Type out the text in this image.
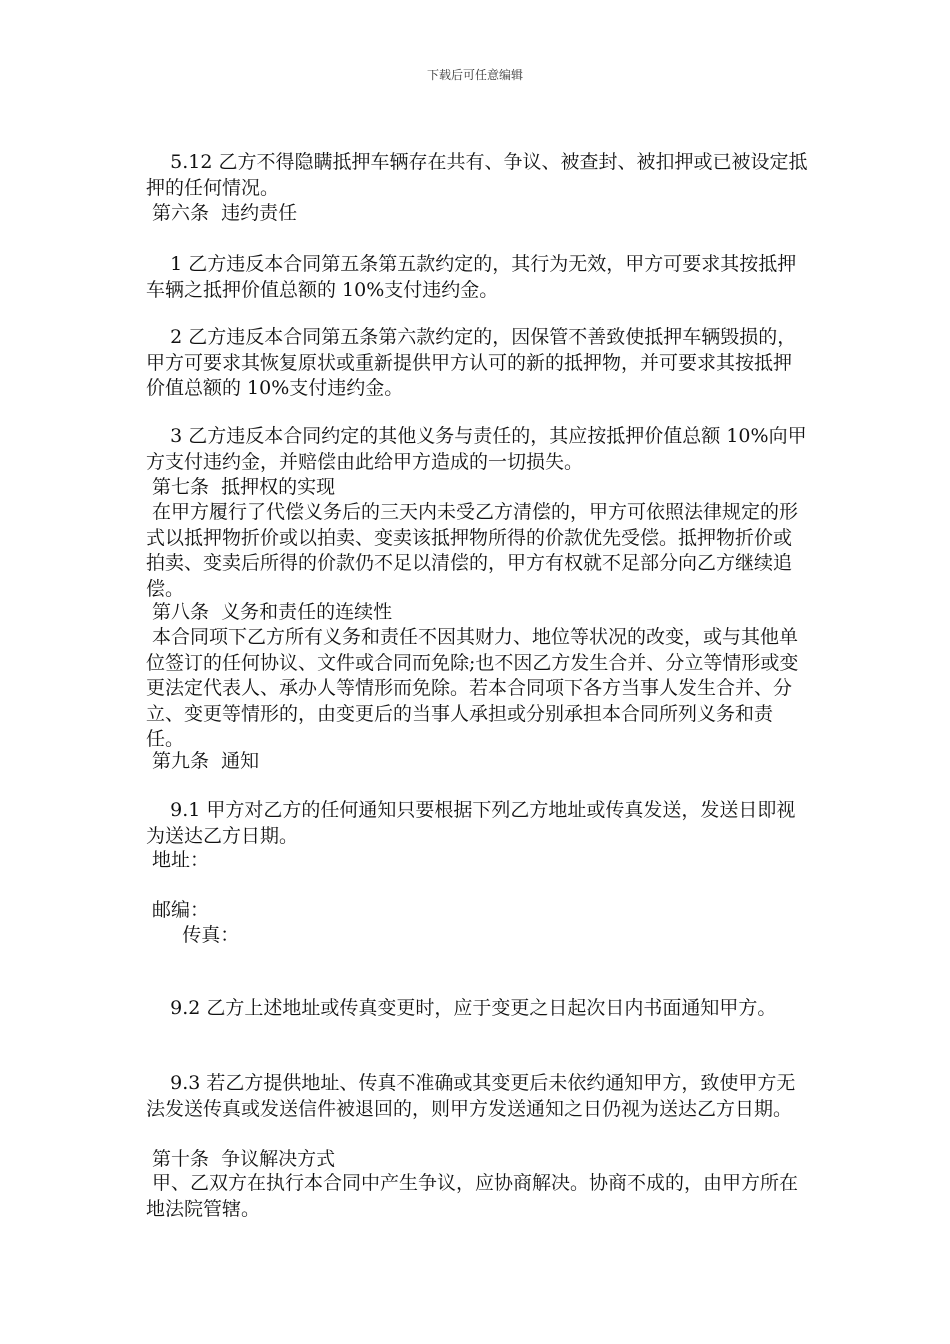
下载后可任意编辑

5.12 乙方不得隐瞒抵押车辆存在共有、争议、被查封、被扣押或已被设定抵押的任何情况。

第六条  违约责任

1 乙方违反本合同第五条第五款约定的，其行为无效，甲方可要求其按抵押车辆之抵押价值总额的 10%支付违约金。

2 乙方违反本合同第五条第六款约定的，因保管不善致使抵押车辆毁损的，甲方可要求其恢复原状或重新提供甲方认可的新的抵押物，并可要求其按抵押价值总额的 10%支付违约金。

3 乙方违反本合同约定的其他义务与责任的，其应按抵押价值总额 10%向甲方支付违约金，并赔偿由此给甲方造成的一切损失。

第七条  抵押权的实现

在甲方履行了代偿义务后的三天内未受乙方清偿的，甲方可依照法律规定的形式以抵押物折价或以拍卖、变卖该抵押物所得的价款优先受偿。抵押物折价或拍卖、变卖后所得的价款仍不足以清偿的，甲方有权就不足部分向乙方继续追偿。

第八条  义务和责任的连续性

本合同项下乙方所有义务和责任不因其财力、地位等状况的改变，或与其他单位签订的任何协议、文件或合同而免除;也不因乙方发生合并、分立等情形或变更法定代表人、承办人等情形而免除。若本合同项下各方当事人发生合并、分立、变更等情形的，由变更后的当事人承担或分别承担本合同所列义务和责任。

第九条  通知

9.1 甲方对乙方的任何通知只要根据下列乙方地址或传真发送，发送日即视为送达乙方日期。

地址：

邮编：

传真：

9.2 乙方上述地址或传真变更时，应于变更之日起次日内书面通知甲方。

9.3 若乙方提供地址、传真不准确或其变更后未依约通知甲方，致使甲方无法发送传真或发送信件被退回的，则甲方发送通知之日仍视为送达乙方日期。

第十条  争议解决方式

甲、乙双方在执行本合同中产生争议，应协商解决。协商不成的，由甲方所在地法院管辖。
